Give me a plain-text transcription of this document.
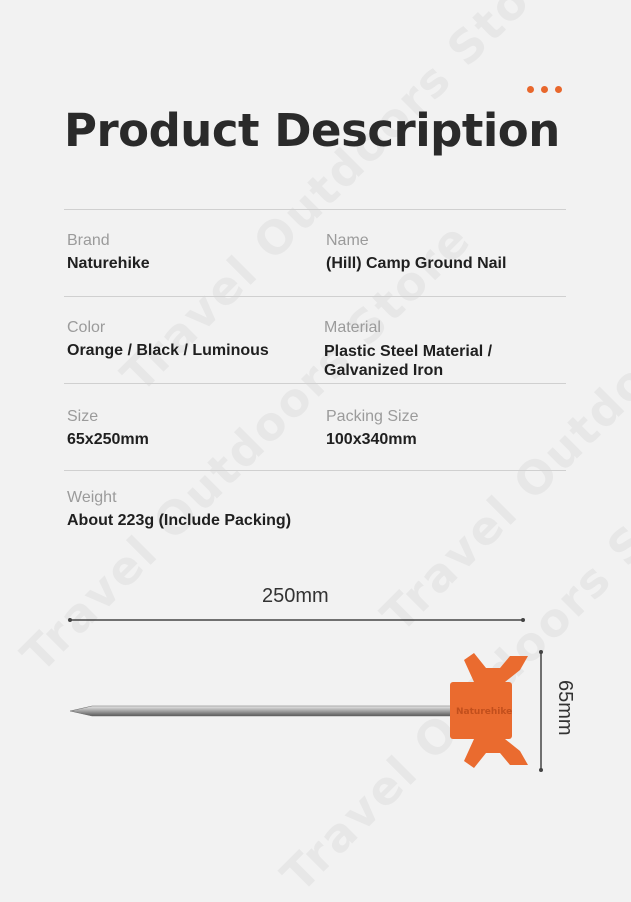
Product Description
Brand
Naturehike
Name
(Hill) Camp Ground Nail
Color
Orange / Black / Luminous
Material
Plastic Steel Material /
Galvanized Iron
Size
65x250mm
Packing Size
100x340mm
Weight
About 223g (Include Packing)
250mm
Naturehike 65mm
